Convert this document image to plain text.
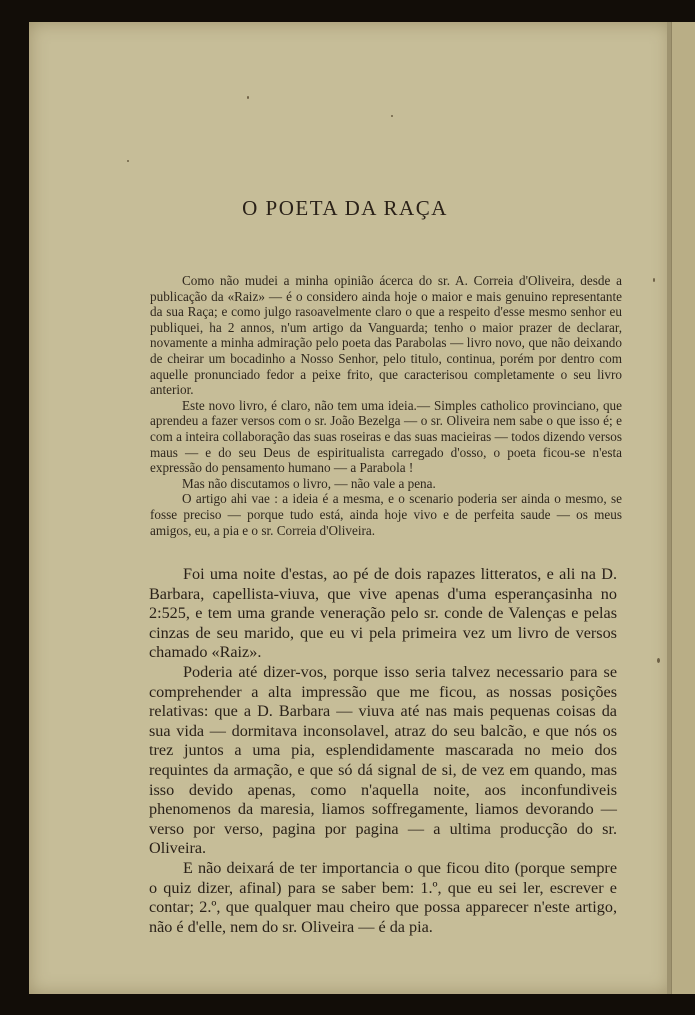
O POETA DA RAÇA

Como não mudei a minha opinião ácerca do sr. A. Correia d'Oliveira, desde a publicação da «Raiz» — é o considero ainda hoje o maior e mais genuino representante da sua Raça; e como julgo rasoavelmente claro o que a respeito d'esse mesmo senhor eu publiquei, ha 2 annos, n'um artigo da Vanguarda; tenho o maior prazer de declarar, novamente a minha admiração pelo poeta das Parabolas — livro novo, que não deixando de cheirar um bocadinho a Nosso Senhor, pelo titulo, continua, porém por dentro com aquelle pronunciado fedor a peixe frito, que caracterisou completamente o seu livro anterior.

Este novo livro, é claro, não tem uma ideia.— Simples catholico provinciano, que aprendeu a fazer versos com o sr. João Bezelga — o sr. Oliveira nem sabe o que isso é; e com a inteira collaboração das suas roseiras e das suas macieiras — todos dizendo versos maus — e do seu Deus de espiritualista carregado d'osso, o poeta ficou-se n'esta expressão do pensamento humano — a Parabola !

Mas não discutamos o livro, — não vale a pena.

O artigo ahi vae : a ideia é a mesma, e o scenario poderia ser ainda o mesmo, se fosse preciso — porque tudo está, ainda hoje vivo e de perfeita saude — os meus amigos, eu, a pia e o sr. Correia d'Oliveira.

Foi uma noite d'estas, ao pé de dois rapazes litteratos, e ali na D. Barbara, capellista-viuva, que vive apenas d'uma esperançasinha no 2:525, e tem uma grande veneração pelo sr. conde de Valenças e pelas cinzas de seu marido, que eu vi pela primeira vez um livro de versos chamado «Raiz».

Poderia até dizer-vos, porque isso seria talvez necessario para se comprehender a alta impressão que me ficou, as nossas posições relativas: que a D. Barbara — viuva até nas mais pequenas coisas da sua vida — dormitava inconsolavel, atraz do seu balcão, e que nós os trez juntos a uma pia, esplendidamente mascarada no meio dos requintes da armação, e que só dá signal de si, de vez em quando, mas isso devido apenas, como n'aquella noite, aos inconfundiveis phenomenos da maresia, liamos soffregamente, liamos devorando — verso por verso, pagina por pagina — a ultima producção do sr. Oliveira.

E não deixará de ter importancia o que ficou dito (porque sempre o quiz dizer, afinal) para se saber bem: 1.º, que eu sei ler, escrever e contar; 2.º, que qualquer mau cheiro que possa apparecer n'este artigo, não é d'elle, nem do sr. Oliveira — é da pia.
